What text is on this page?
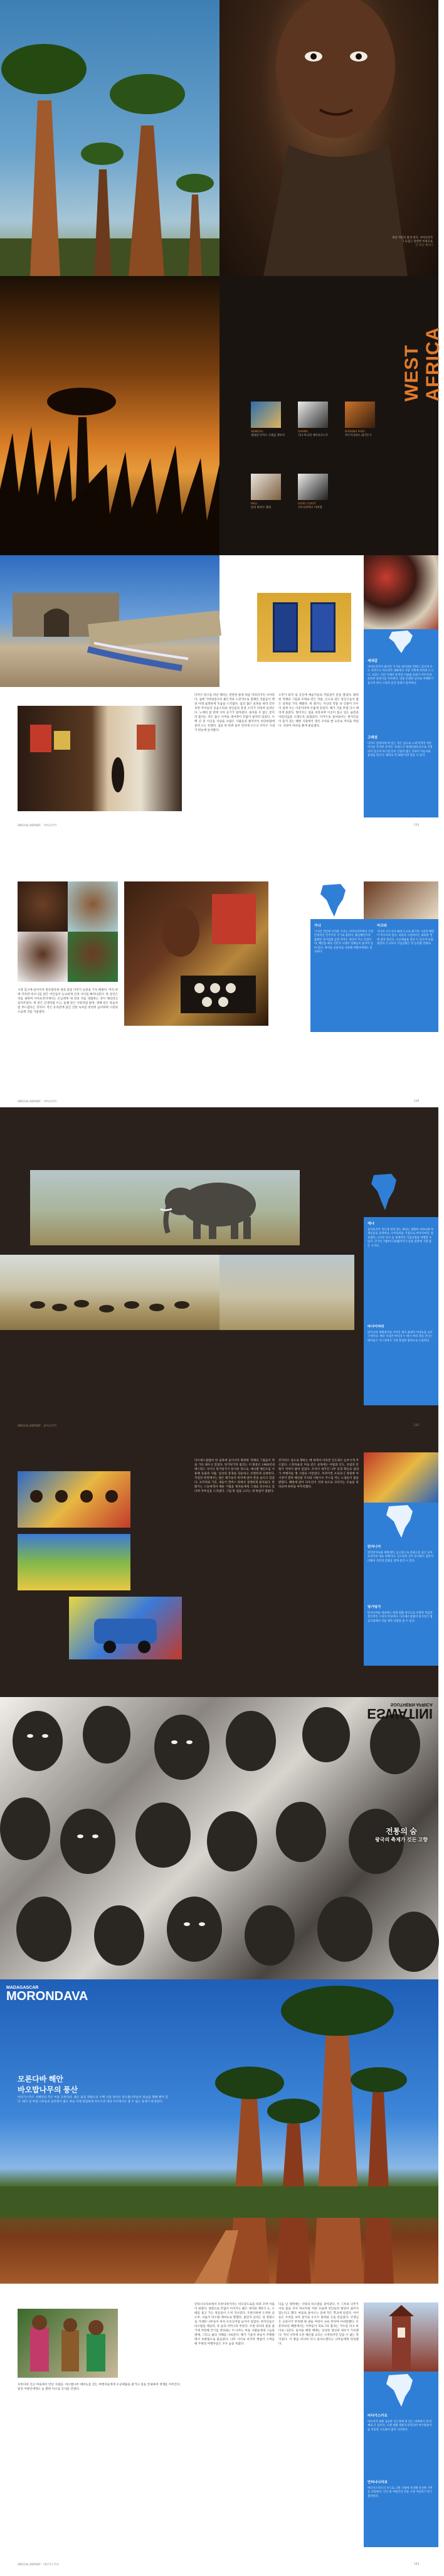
세상 저편의 원색 대지, 서아프리카
그 뜨겁고 찬란한 여정으로
글·사진 에디터
WEST AFRICA
SENEGAL
세네갈 다카르 고레섬 생루이
GHANA
가나 아크라 케이프코스트
BURKINA FASO
부르키나파소 와가두구
MALI
말리 바마코 젠네
IVORY COAST
코트디부아르 아비장
세네갈
서아프리카의 최서단 국가로 대서양을 면하고 있으며 수도 다카르는 아프리카 대륙에서 가장 서쪽에 위치한 도시다. 프랑스 식민 지배의 흔적과 이슬람 문화가 어우러져 독특한 분위기를 자아낸다. 연중 온화한 날씨로 여행하기 좋으며 현지 시장과 음악 문화가 풍부하다.
고레섬
다카르 앞바다에 떠 있는 작은 섬으로 노예 무역의 아픈 역사를 간직한 곳이다. 유네스코 세계문화유산으로 지정되어 있으며 파스텔 톤의 건물과 좁은 골목이 아름다운 풍경을 만든다. 페리로 약 20분이면 닿을 수 있다.
다카르 항구를 떠난 페리는 잔잔한 물결 위를 미끄러지듯 나아갔다. 섬에 가까워질수록 붉은색과 노란색으로 칠해진 건물들이 햇살 아래 또렷하게 모습을 드러냈다. 섬의 좁은 골목을 따라 걷다 보면 아이들의 웃음소리와 상인들의 흥정 소리가 뒤섞여 들려온다. 노예의 집 앞에 서자 공기가 달라졌다. 돌아올 수 없는 문이라 불리는 작은 출구 너머로 대서양이 끝없이 펼쳐져 있었다. 수백 년 전 이곳을 지났을 수많은 사람들의 발자국이 바닷바람에 실려 오는 듯했다. 섬을 한 바퀴 돌아 언덕에 오르니 다카르 시내가 한눈에 들어왔다.
오후가 되자 섬 곳곳에 예술가들의 작업실이 문을 열었다. 화려한 색채의 그림과 모래로 만든 작품, 손으로 엮은 장신구들이 좁은 골목을 가득 채웠다. 한 화가는 자신의 작품 속 인물이 모두 이 섬에 사는 이웃이라며 수줍게 웃었다. 해가 기울 무렵 다시 페리에 올랐다. 멀어지는 섬을 바라보며 이곳이 품고 있는 슬픔과 아름다움을 오래도록 곱씹었다. 다카르로 돌아와서는 현지인들이 즐겨 찾는 해변 식당에서 생선 구이와 쌀 요리로 저녁을 먹었다. 석양이 바다를 붉게 물들였다.
SPECIAL REPORT · 서아프리카	133
가나
기니만 연안에 자리한 가나는 서아프리카에서 가장 안정적인 민주주의 국가로 꼽힌다. 황금해안이라 불렸던 과거답게 금과 카카오 생산이 주요 산업이며, 해안을 따라 식민지 시대의 성채들이 줄지어 남아 있다. 영어를 공용어로 사용해 여행자에게도 친숙하다.
아크라
가나의 수도이자 최대 도시로 활기찬 시장과 해변이 어우러져 있다. 마콜라 시장에서는 화려한 켄테 천과 향신료, 수공예품을 만날 수 있으며 독립 광장과 은크루마 기념공원은 꼭 들러볼 만하다.
시장 입구에 들어서자 알록달록한 천과 과일 더미가 눈앞을 가득 메웠다. 머리 위에 커다란 바구니를 얹은 여인들이 능숙하게 인파 사이를 빠져나갔다. 한 상인은 차를 권하며 서아프리카에서는 손님에게 세 잔의 차를 대접하는 것이 예의라고 일러주었다. 첫 잔은 인생처럼 쓰고, 둘째 잔은 사랑처럼 달며, 셋째 잔은 죽음처럼 부드럽다는 것이다. 작은 유리잔에 담긴 진한 녹차를 천천히 음미하며 시장의 소음에 귀를 기울였다.
SPECIAL REPORT · 서아프리카	135
케냐
동아프리카 적도에 걸쳐 있는 케냐는 광활한 사바나와 야생동물로 유명하다. 나이로비를 거점으로 마사이마라, 암보셀리, 나쿠루 호수 등 세계적인 국립공원을 여행할 수 있다. 건기인 7월부터 10월까지가 동물 관찰에 가장 좋은 시기다.
마사이마라
탄자니아 세렝게티와 이어진 케냐 최대의 야생동물 보호구역이다. 매년 수십만 마리의 누 떼가 마라 강을 건너는 대이동은 지구상에서 가장 장엄한 광경으로 손꼽힌다.
SPECIAL REPORT · 동아프리카	137
다르에스살람의 한 골목에 들어서자 화려한 색채의 그림들이 벽을 가득 채우고 있었다. 팅가팅가라 불리는 이 화풍은 1960년대 에드워드 사이디 팅가팅가가 창시한 것으로, 에나멜 페인트를 사용해 동물과 사람, 일상의 풍경을 단순하고 선명하게 표현한다. 작업장 한켠에서는 젊은 화가들이 바닥에 앉아 붓을 놀리고 있었다. 코끼리와 기린, 새들이 캔버스 위에서 생생하게 살아났다. 한 화가는 스승에게서 배운 기법을 제자들에게 그대로 전수하고 있다며 자부심을 드러냈다. 그림 한 점을 고르는 데 한참이 걸렸다.
잔지바르 섬으로 향하는 배 위에서 바라본 인도양은 눈부시게 푸르렀다. 스톤타운의 미로 같은 골목에는 아랍과 인도, 유럽의 문화가 켜켜이 쌓여 있었다. 조각이 새겨진 나무 문과 향신료 냄새가 여행자를 옛 시절로 이끌었다. 저녁이면 포로다니 정원에 야시장이 열려 해산물 꼬치와 사탕수수 주스를 파는 노점들이 불을 밝혔다. 해변에 앉아 다우선이 석양 속으로 사라지는 모습을 바라보며 하루를 마무리했다.
탄자니아
킬리만자로와 세렝게티, 응고롱고로 분화구를 품은 동아프리카의 대표 여행지다. 인도양의 진주 잔지바르 섬까지 더해져 자연과 문화를 함께 즐길 수 있다.
팅가팅가
탄자니아를 대표하는 현대 회화 양식으로 선명한 색감과 장식적인 구성이 특징이다. 다르에스살람의 팅가팅가 협동조합에서 작품 제작 과정을 볼 수 있다.
SOUTHERN AFRICA
ESWATINI
전통의 숨
왕국의 축제가 깃든 고향
MADAGASCAR
MORONDAVA
모론다바 해안
바오밥나무의 풍산
마다가스카르 서해안의 작은 마을 모론다바. 붉은 흙길 양편으로 수백 년을 살아온 바오밥나무들이 하늘을 향해 뻗어 있다. 해가 질 무렵 나무들의 실루엣이 붉은 하늘 아래 장엄하게 떠오르면 세상 어디에서도 볼 수 없는 풍경이 완성된다.
모론다바 인근 마을에서 만난 사람들. 바오밥나무 애비뉴를 찾는 여행자들에게 수공예품을 팔거나 길을 안내하며 생계를 이어간다. 낯선 이방인에게도 늘 환한 미소로 인사를 건넨다.
안타나나리보에서 모론다바까지는 비포장도로를 따라 꼬박 이틀이 걸렸다. 창밖으로 끝없이 이어지는 붉은 대지와 계단식 논, 소 떼를 몰고 가는 목동들이 스쳐 지나갔다. 모론다바에 도착한 날 오후, 서둘러 바오밥 애비뉴로 향했다. 흙먼지 날리는 길 양편으로 거대한 나무들이 마치 수호신처럼 늘어서 있었다. 현지인들은 바오밥을 레날라, 즉 숲의 어머니라 부른다. 수천 리터의 물을 줄기에 저장해 건기를 견뎌내는 이 나무는 마을 사람들에게 그늘과 열매, 그리고 삶의 지혜를 나눠준다. 해가 기울자 하늘이 주황빛에서 보랏빛으로 물들었다. 나무 사이로 마지막 햇살이 스며들 때 주변의 여행자들은 모두 숨을 죽였다.
다음 날 새벽에는 사랑의 바오밥을 찾아갔다. 두 그루의 나무가 서로 몸을 꼬아 하나처럼 자란 모습에 연인들의 발길이 끊이지 않는다고 했다. 마을로 돌아오는 길에 작은 학교에 들렀다. 아이들은 우리를 보자 창가로 우르르 몰려와 손을 흔들었다. 선생님은 교과서가 부족해 한 권을 여럿이 나눠 본다며 아쉬워했다. 모론다바의 해변에서는 어부들이 피로그라 불리는 카누를 타고 바다로 나갔다. 돌아올 때면 배에는 싱싱한 생선과 새우가 가득했다. 저녁 식탁에 오른 해산물 요리는 소박하지만 잊을 수 없는 맛이었다. 이 땅을 떠나며 다시 돌아오겠다고 나무들에게 약속했다.
마다가스카르
아프리카 대륙 남동쪽 인도양에 떠 있는 세계에서 네 번째로 큰 섬이다. 오랜 세월 대륙과 분리되어 여우원숭이를 비롯한 고유종이 많이 서식한다.
안타나나리보
마다가스카르의 수도로 고원 지대에 자리해 선선한 기후를 자랑한다. 언덕 위 여왕궁과 전통 시장 아날라ケ리가 볼만하다.
SPECIAL REPORT · 마다가스카르	143
